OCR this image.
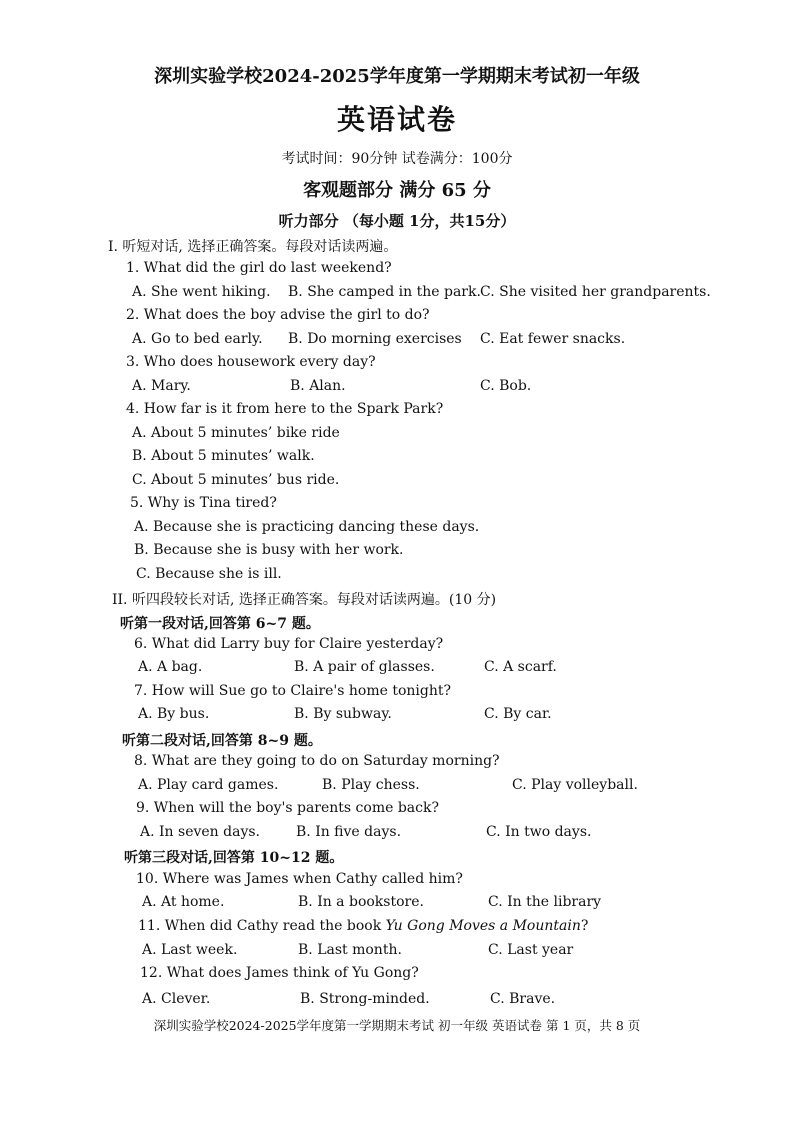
深圳实验学校2024-2025学年度第一学期期末考试初一年级
英语试卷
考试时间：90分钟 试卷满分：100分
客观题部分 满分 65 分
听力部分 （每小题 1分，共15分）
I. 听短对话, 选择正确答案。每段对话读两遍。
1. What did the girl do last weekend?
A. She went hiking. B. She camped in the park. C. She visited her grandparents.
2. What does the boy advise the girl to do?
A. Go to bed early. B. Do morning exercises C. Eat fewer snacks.
3. Who does housework every day?
A. Mary.	B. Alan.	C. Bob.
4. How far is it from here to the Spark Park?
A. About 5 minutes’ bike ride
B. About 5 minutes’ walk.
C. About 5 minutes’ bus ride.
5. Why is Tina tired?
A. Because she is practicing dancing these days.
B. Because she is busy with her work.
C. Because she is ill.
II. 听四段较长对话, 选择正确答案。每段对话读两遍。(10 分)
听第一段对话,回答第 6~7 题。
6. What did Larry buy for Claire yesterday?
A. A bag.	B. A pair of glasses.	C. A scarf.
7. How will Sue go to Claire's home tonight?
A. By bus.	B. By subway.	C. By car.
听第二段对话,回答第 8~9 题。
8. What are they going to do on Saturday morning?
A. Play card games.	B. Play chess.	C. Play volleyball.
9. When will the boy's parents come back?
A. In seven days.	B. In five days.	C. In two days.
听第三段对话,回答第 10~12 题。
10. Where was James when Cathy called him?
A. At home.	B. In a bookstore.	C. In the library
11. When did Cathy read the book Yu Gong Moves a Mountain?
A. Last week.	B. Last month.	C. Last year
12. What does James think of Yu Gong?
A. Clever.	B. Strong-minded.	C. Brave.
深圳实验学校2024-2025学年度第一学期期末考试 初一年级 英语试卷 第 1 页，共 8 页
